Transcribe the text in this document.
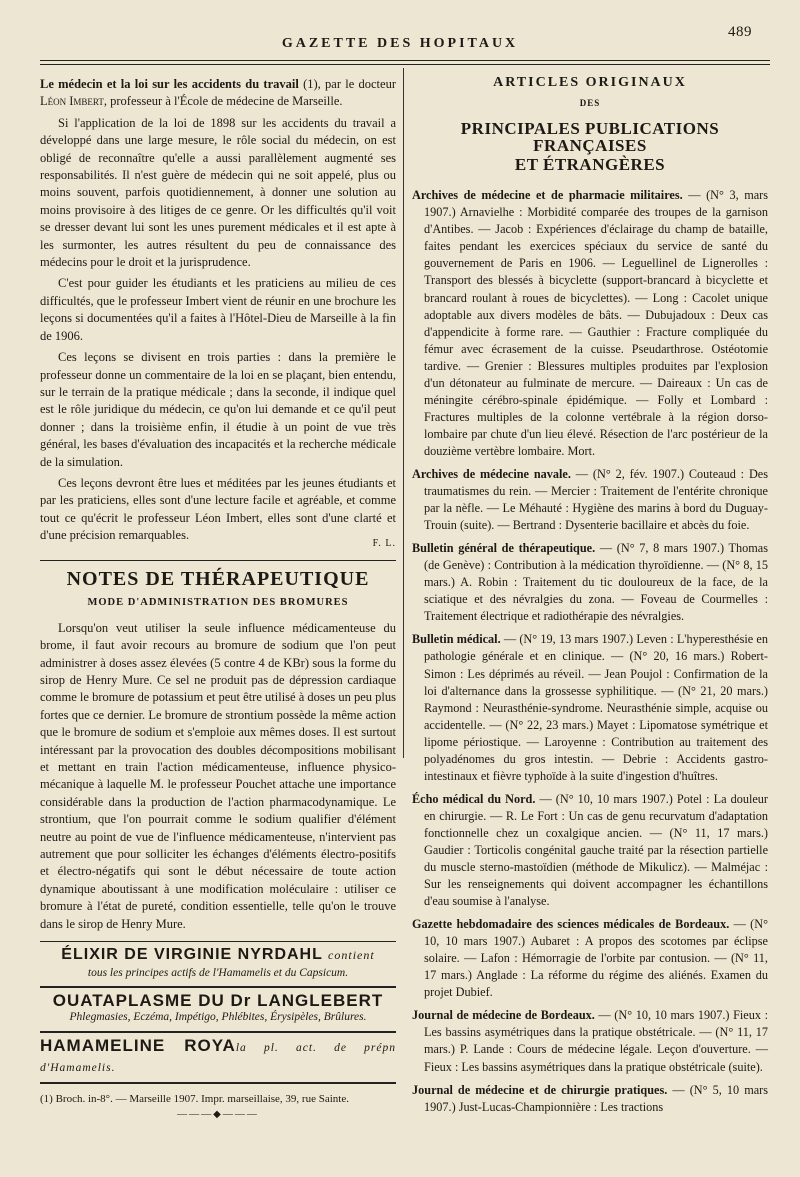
489
GAZETTE DES HOPITAUX

Le médecin et la loi sur les accidents du travail (1), par le docteur Léon Imbert, professeur à l'École de médecine de Marseille.

Si l'application de la loi de 1898 sur les accidents du travail a développé dans une large mesure, le rôle social du médecin, on est obligé de reconnaître qu'elle a aussi parallèlement augmenté ses responsabilités. Il n'est guère de médecin qui ne soit appelé, plus ou moins souvent, parfois quotidiennement, à donner une solution au moins provisoire à des litiges de ce genre. Or les difficultés qu'il voit se dresser devant lui sont les unes purement médicales et il est apte à les surmonter, les autres résultent du peu de connaissance des médecins pour le droit et la jurisprudence.

C'est pour guider les étudiants et les praticiens au milieu de ces difficultés, que le professeur Imbert vient de réunir en une brochure les leçons si documentées qu'il a faites à l'Hôtel-Dieu de Marseille à la fin de 1906.

Ces leçons se divisent en trois parties : dans la première le professeur donne un commentaire de la loi en se plaçant, bien entendu, sur le terrain de la pratique médicale ; dans la seconde, il indique quel est le rôle juridique du médecin, ce qu'on lui demande et ce qu'il peut donner ; dans la troisième enfin, il étudie à un point de vue très général, les bases d'évaluation des incapacités et la recherche médicale de la simulation.

Ces leçons devront être lues et méditées par les jeunes étudiants et par les praticiens, elles sont d'une lecture facile et agréable, et comme tout ce qu'écrit le professeur Léon Imbert, elles sont d'une clarté et d'une précision remarquables.

F. L.
NOTES DE THÉRAPEUTIQUE
MODE D'ADMINISTRATION DES BROMURES

Lorsqu'on veut utiliser la seule influence médicamenteuse du brome, il faut avoir recours au bromure de sodium que l'on peut administrer à doses assez élevées (5 contre 4 de KBr) sous la forme du sirop de Henry Mure. Ce sel ne produit pas de dépression cardiaque comme le bromure de potassium et peut être utilisé à doses un peu plus fortes que ce dernier. Le bromure de strontium possède la même action que le bromure de sodium et s'emploie aux mêmes doses. Il est surtout intéressant par la provocation des doubles décompositions mobilisant et mettant en train l'action médicamenteuse, influence physico-mécanique à laquelle M. le professeur Pouchet attache une importance considérable dans la production de l'action pharmacodynamique. Le strontium, que l'on pourrait comme le sodium qualifier d'élément neutre au point de vue de l'influence médicamenteuse, n'intervient pas autrement que pour solliciter les échanges d'éléments électro-positifs et électro-négatifs qui sont le début nécessaire de toute action dynamique aboutissant à une modification moléculaire : utiliser ce bromure à l'état de pureté, condition essentielle, telle qu'on le trouve dans le sirop de Henry Mure.

ÉLIXIR DE VIRGINIE NYRDAHL contient
tous les principes actifs de l'Hamamelis et du Capsicum.
OUATAPLASME DU Dr LANGLEBERT
Phlegmasies, Eczéma, Impétigo, Phlébites, Érysipèles, Brûlures.
HAMAMELINE ROYAla pl. act. de prépn d'Hamamelis.
(1) Broch. in-8°. — Marseille 1907. Impr. marseillaise, 39, rue Sainte.
———◆———
ARTICLES ORIGINAUX
DES
PRINCIPALES PUBLICATIONS FRANÇAISES
ET ÉTRANGÈRES

Archives de médecine et de pharmacie militaires. — (N° 3, mars 1907.) Arnavielhe : Morbidité comparée des troupes de la garnison d'Antibes. — Jacob : Expériences d'éclairage du champ de bataille, faites pendant les exercices spéciaux du service de santé du gouvernement de Paris en 1906. — Leguellinel de Lignerolles : Transport des blessés à bicyclette (support-brancard à bicyclette et brancard roulant à roues de bicyclettes). — Long : Cacolet unique adoptable aux divers modèles de bâts. — Dubujadoux : Deux cas d'appendicite à forme rare. — Gauthier : Fracture compliquée du fémur avec écrasement de la cuisse. Pseudarthrose. Ostéotomie tardive. — Grenier : Blessures multiples produites par l'explosion d'un détonateur au fulminate de mercure. — Daireaux : Un cas de méningite cérébro-spinale épidémique. — Folly et Lombard : Fractures multiples de la colonne vertébrale à la région dorso-lombaire par chute d'un lieu élevé. Résection de l'arc postérieur de la douzième vertèbre lombaire. Mort.

Archives de médecine navale. — (N° 2, fév. 1907.) Couteaud : Des traumatismes du rein. — Mercier : Traitement de l'entérite chronique par la nèfle. — Le Méhauté : Hygiène des marins à bord du Duguay-Trouin (suite). — Bertrand : Dysenterie bacillaire et abcès du foie.

Bulletin général de thérapeutique. — (N° 7, 8 mars 1907.) Thomas (de Genève) : Contribution à la médication thyroïdienne. — (N° 8, 15 mars.) A. Robin : Traitement du tic douloureux de la face, de la sciatique et des névralgies du zona. — Foveau de Courmelles : Traitement électrique et radiothérapie des névralgies.

Bulletin médical. — (N° 19, 13 mars 1907.) Leven : L'hyperesthésie en pathologie générale et en clinique. — (N° 20, 16 mars.) Robert-Simon : Les déprimés au réveil. — Jean Poujol : Confirmation de la loi d'alternance dans la grossesse syphilitique. — (N° 21, 20 mars.) Raymond : Neurasthénie-syndrome. Neurasthénie simple, acquise ou accidentelle. — (N° 22, 23 mars.) Mayet : Lipomatose symétrique et lipome périostique. — Laroyenne : Contribution au traitement des polyadénomes du gros intestin. — Debrie : Accidents gastro-intestinaux et fièvre typhoïde à la suite d'ingestion d'huîtres.

Écho médical du Nord. — (N° 10, 10 mars 1907.) Potel : La douleur en chirurgie. — R. Le Fort : Un cas de genu recurvatum d'adaptation fonctionnelle chez un coxalgique ancien. — (N° 11, 17 mars.) Gaudier : Torticolis congénital gauche traité par la résection partielle du muscle sterno-mastoïdien (méthode de Mikulicz). — Malméjac : Sur les renseignements qui doivent accompagner les échantillons d'eau soumise à l'analyse.

Gazette hebdomadaire des sciences médicales de Bordeaux. — (N° 10, 10 mars 1907.) Aubaret : A propos des scotomes par éclipse solaire. — Lafon : Hémorragie de l'orbite par contusion. — (N° 11, 17 mars.) Anglade : La réforme du régime des aliénés. Examen du projet Dubief.

Journal de médecine de Bordeaux. — (N° 10, 10 mars 1907.) Fieux : Les bassins asymétriques dans la pratique obstétricale. — (N° 11, 17 mars.) P. Lande : Cours de médecine légale. Leçon d'ouverture. — Fieux : Les bassins asymétriques dans la pratique obstétricale (suite).

Journal de médecine et de chirurgie pratiques. — (N° 5, 10 mars 1907.) Just-Lucas-Championnière : Les tractions
